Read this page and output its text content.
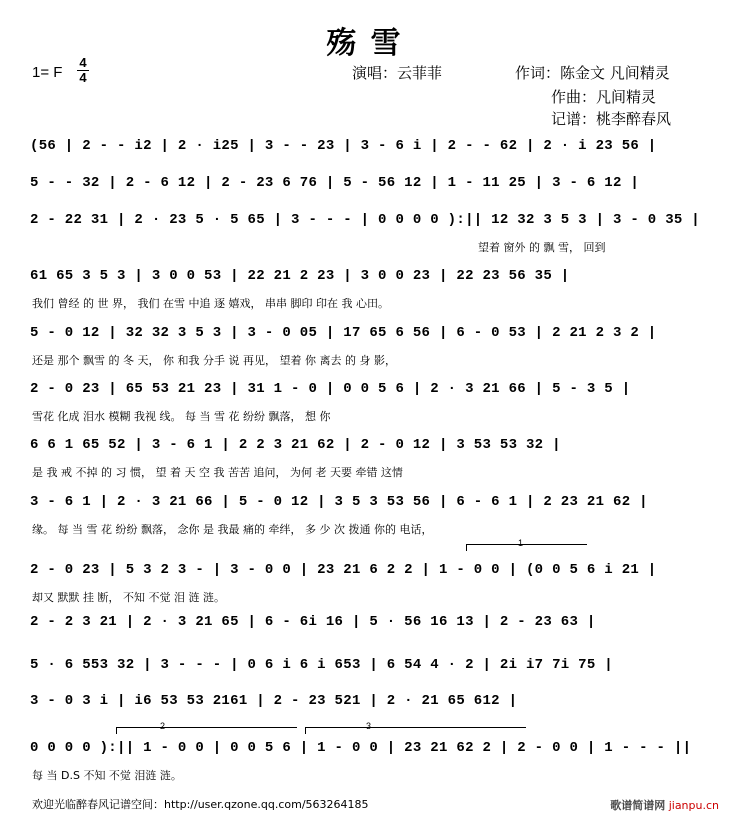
殇雪
1= F
4
4	演唱：云菲菲	作词：陈金文 凡间精灵
作曲：凡间精灵
记谱：桃李醉春风
(56 | 2 - - i2 | 2 · i25 | 3 - - 23 | 3 - 6 i | 2 - - 62 | 2 · i 23 56 |
5 - - 32 | 2 - 6 12 | 2 - 23 6 76 | 5 - 56 12 | 1 - 11 25 | 3 - 6 12 |
2 - 22 31 | 2 · 23 5 · 5 65 | 3 - - - | 0 0 0 0 ):|| 12 32 3 5 3 | 3 - 0 35 |
61 65 3 5 3 | 3 0 0 53 | 22 21 2 23 | 3 0 0 23 | 22 23 56 35 |
5 - 0 12 | 32 32 3 5 3 | 3 - 0 05 | 17 65 6 56 | 6 - 0 53 | 2 21 2 3 2 |
2 - 0 23 | 65 53 21 23 | 31 1 - 0 | 0 0 5 6 | 2 · 3 21 66 | 5 - 3 5 |
6 6 1 65 52 | 3 - 6 1 | 2 2 3 21 62 | 2 - 0 12 | 3 53 53 32 |
3 - 6 1 | 2 · 3 21 66 | 5 - 0 12 | 3 5 3 53 56 | 6 - 6 1 | 2 23 21 62 |
2 - 0 23 | 5 3 2 3 - | 3 - 0 0 | 23 21 6 2 2 | 1 - 0 0 | (0 0 5 6 i 21 |
2 - 2 3 21 | 2 · 3 21 65 | 6 - 6i 16 | 5 · 56 16 13 | 2 - 23 63 |
5 · 6 553 32 | 3 - - - | 0 6 i 6 i 653 | 6 54 4 · 2 | 2i i7 7i 75 |
3 - 0 3 i | i6 53 53 2161 | 2 - 23 521 | 2 · 21 65 612 |
0 0 0 0 ):|| 1 - 0 0 | 0 0 5 6 | 1 - 0 0 | 23 21 62 2 | 2 - 0 0 | 1 - - - ||
望着 窗外 的 飘 雪， 回到
我们 曾经 的 世 界， 我们 在雪 中追 逐 嬉戏， 串串 脚印 印在 我 心田。
还是 那个 飘雪 的 冬 天， 你 和我 分手 说 再见， 望着 你 离去 的 身 影，
雪花 化成 泪水 模糊 我视 线。 每 当 雪 花 纷纷 飘落， 想 你
是 我 戒 不掉 的 习 惯， 望 着 天 空 我 苦苦 追问， 为何 老 天要 牵错 这情
缘。 每 当 雪 花 纷纷 飘落， 念你 是 我最 痛的 牵绊， 多 少 次 拨通 你的 电话，
却又 默默 挂 断， 不知 不觉 泪 涟 涟。
每 当 D.S 不知 不觉 泪涟 涟。
1
2	3
欢迎光临醉春风记谱空间：http://user.qzone.qq.com/563264185	歌谱简谱网 jianpu.cn
